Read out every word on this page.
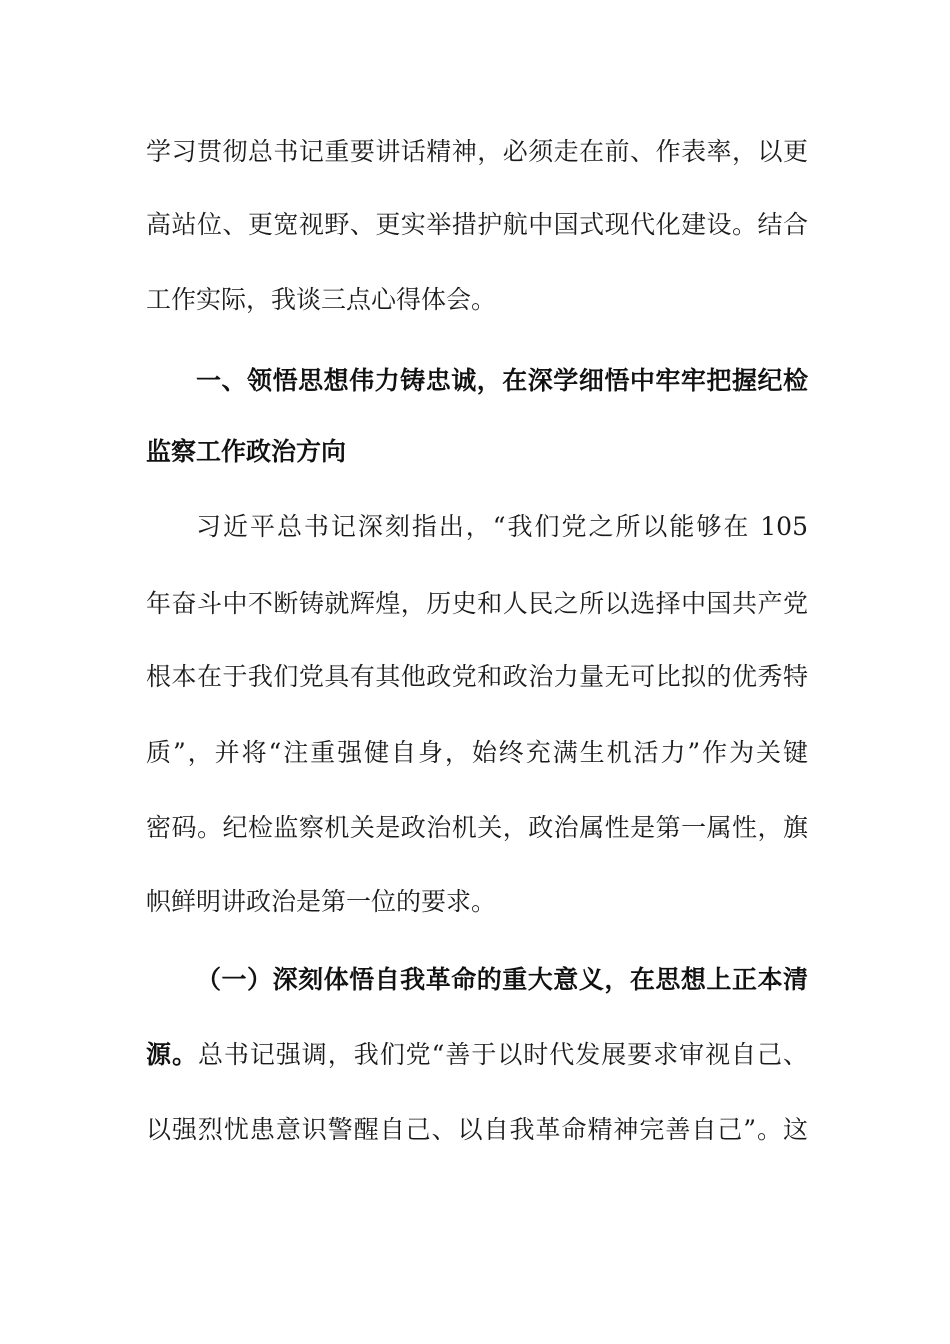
学习贯彻总书记重要讲话精神，必须走在前、作表率，以更
高站位、更宽视野、更实举措护航中国式现代化建设。结合
工作实际，我谈三点心得体会。
一、领悟思想伟力铸忠诚，在深学细悟中牢牢把握纪检
监察工作政治方向
习近平总书记深刻指出，“我们党之所以能够在 105
年奋斗中不断铸就辉煌，历史和人民之所以选择中国共产党
根本在于我们党具有其他政党和政治力量无可比拟的优秀特
质”，并将“注重强健自身，始终充满生机活力”作为关键
密码。纪检监察机关是政治机关，政治属性是第一属性，旗
帜鲜明讲政治是第一位的要求。
（一）深刻体悟自我革命的重大意义，在思想上正本清
源。总书记强调，我们党“善于以时代发展要求审视自己、
以强烈忧患意识警醒自己、以自我革命精神完善自己”。这
